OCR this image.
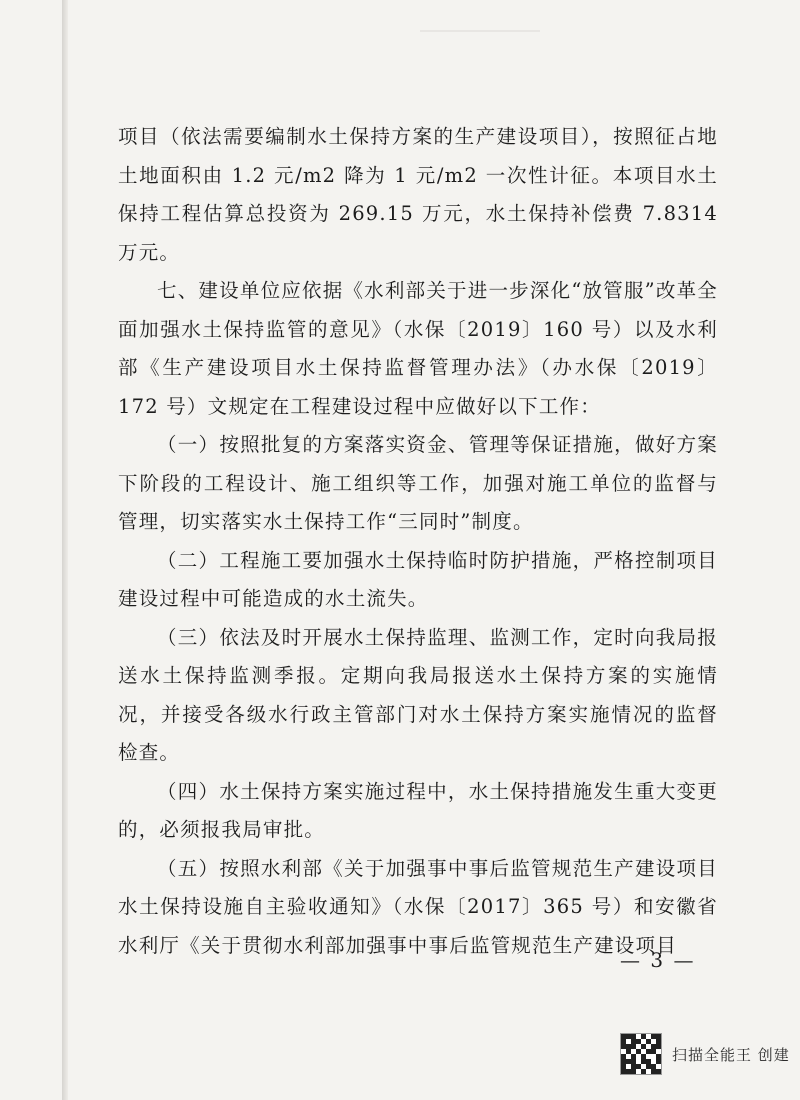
项目（依法需要编制水土保持方案的生产建设项目），按照征占地土地面积由 1.2 元/m2 降为 1 元/m2 一次性计征。本项目水土保持工程估算总投资为 269.15 万元，水土保持补偿费 7.8314 万元。

七、建设单位应依据《水利部关于进一步深化“放管服”改革全面加强水土保持监管的意见》（水保〔2019〕160 号）以及水利部《生产建设项目水土保持监督管理办法》（办水保〔2019〕172 号）文规定在工程建设过程中应做好以下工作：

（一）按照批复的方案落实资金、管理等保证措施，做好方案下阶段的工程设计、施工组织等工作，加强对施工单位的监督与管理，切实落实水土保持工作“三同时”制度。

（二）工程施工要加强水土保持临时防护措施，严格控制项目建设过程中可能造成的水土流失。

（三）依法及时开展水土保持监理、监测工作，定时向我局报送水土保持监测季报。定期向我局报送水土保持方案的实施情况，并接受各级水行政主管部门对水土保持方案实施情况的监督检查。

（四）水土保持方案实施过程中，水土保持措施发生重大变更的，必须报我局审批。

（五）按照水利部《关于加强事中事后监管规范生产建设项目水土保持设施自主验收通知》（水保〔2017〕365 号）和安徽省水利厅《关于贯彻水利部加强事中事后监管规范生产建设项目

— 3 —
扫描全能王 创建
